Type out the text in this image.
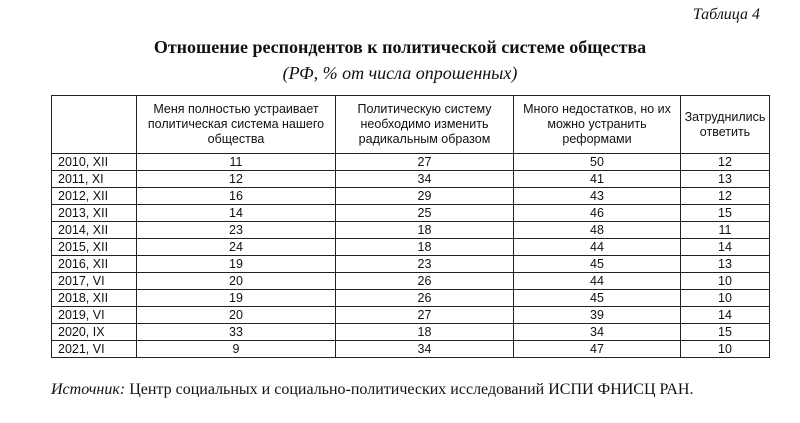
Таблица 4
Отношение респондентов к политической системе общества
(РФ, % от числа опрошенных)
	Меня полностью устраивает политическая система нашего общества	Политическую систему необходимо изменить радикальным образом	Много недостатков, но их можно устранить реформами	Затруднились ответить
2010, XII	11	27	50	12
2011, XI	12	34	41	13
2012, XII	16	29	43	12
2013, XII	14	25	46	15
2014, XII	23	18	48	11
2015, XII	24	18	44	14
2016, XII	19	23	45	13
2017, VI	20	26	44	10
2018, XII	19	26	45	10
2019, VI	20	27	39	14
2020, IX	33	18	34	15
2021, VI	9	34	47	10
Источник: Центр социальных и социально-политических исследований ИСПИ ФНИСЦ РАН.
